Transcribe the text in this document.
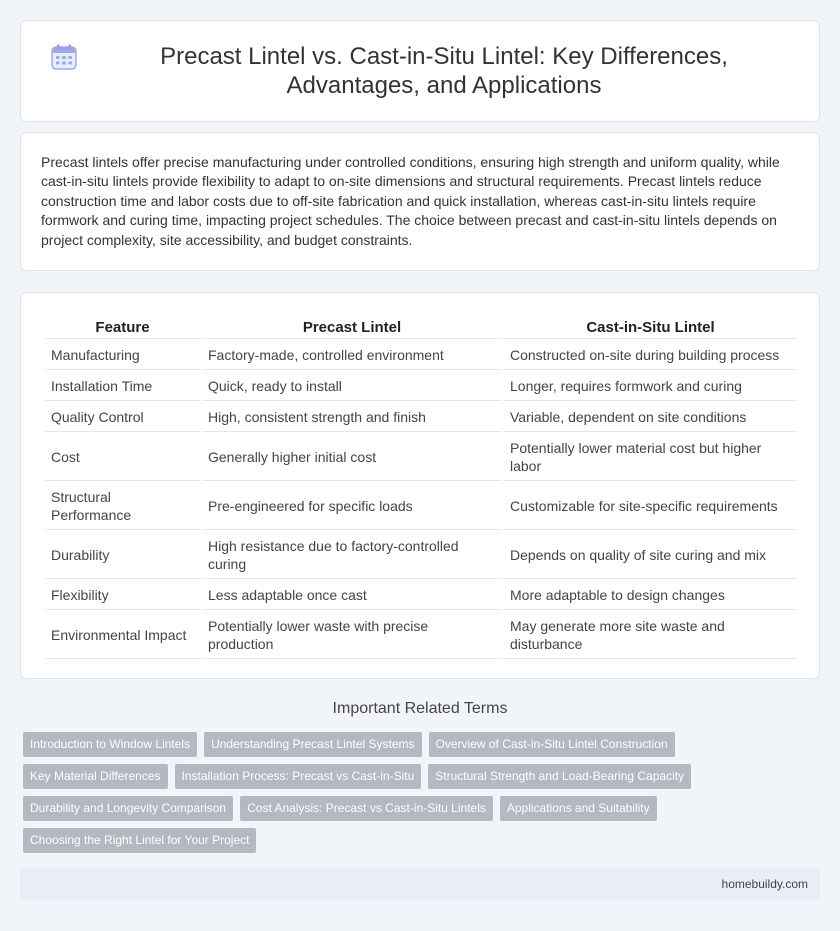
Precast Lintel vs. Cast-in-Situ Lintel: Key Differences, Advantages, and Applications

Precast lintels offer precise manufacturing under controlled conditions, ensuring high strength and uniform quality, while cast-in-situ lintels provide flexibility to adapt to on-site dimensions and structural requirements. Precast lintels reduce construction time and labor costs due to off-site fabrication and quick installation, whereas cast-in-situ lintels require formwork and curing time, impacting project schedules. The choice between precast and cast-in-situ lintels depends on project complexity, site accessibility, and budget constraints.

Feature	Precast Lintel	Cast-in-Situ Lintel
Manufacturing	Factory-made, controlled environment	Constructed on-site during building process
Installation Time	Quick, ready to install	Longer, requires formwork and curing
Quality Control	High, consistent strength and finish	Variable, dependent on site conditions
Cost	Generally higher initial cost	Potentially lower material cost but higher labor
Structural Performance	Pre-engineered for specific loads	Customizable for site-specific requirements
Durability	High resistance due to factory-controlled curing	Depends on quality of site curing and mix
Flexibility	Less adaptable once cast	More adaptable to design changes
Environmental Impact	Potentially lower waste with precise production	May generate more site waste and disturbance
Important Related Terms
Introduction to Window Lintels	Understanding Precast Lintel Systems	Overview of Cast-in-Situ Lintel Construction
Key Material Differences	Installation Process: Precast vs Cast-in-Situ	Structural Strength and Load-Bearing Capacity
Durability and Longevity Comparison	Cost Analysis: Precast vs Cast-in-Situ Lintels	Applications and Suitability
Choosing the Right Lintel for Your Project
homebuildy.com
